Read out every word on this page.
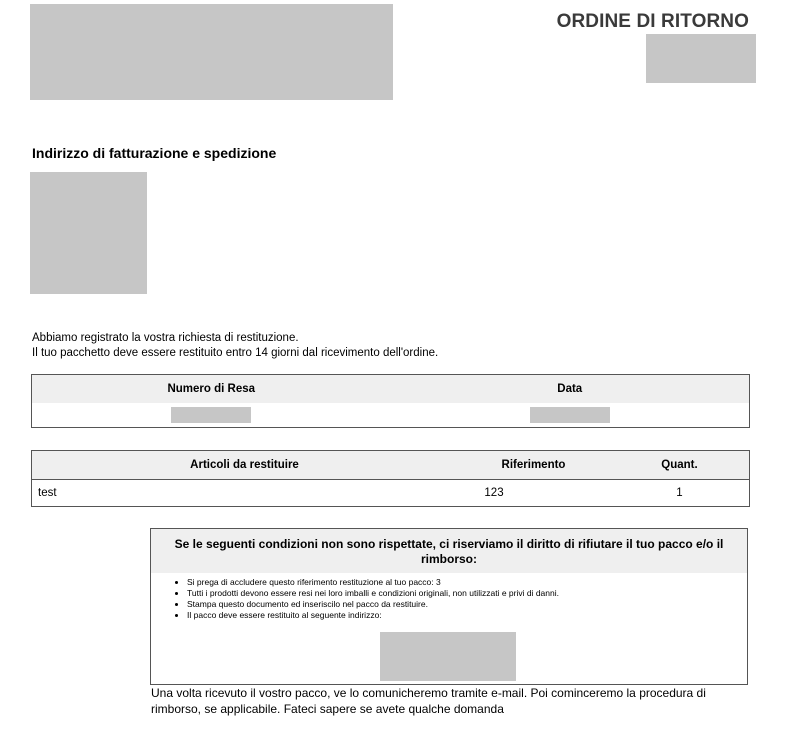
ORDINE DI RITORNO
Indirizzo di fatturazione e spedizione
Abbiamo registrato la vostra richiesta di restituzione.
Il tuo pacchetto deve essere restituito entro 14 giorni dal ricevimento dell'ordine.
Numero di Resa	Data

Articoli da restituire	Riferimento	Quant.
test	123	1
Se le seguenti condizioni non sono rispettate, ci riserviamo il diritto di rifiutare il tuo pacco e/o il rimborso:
• Si prega di accludere questo riferimento restituzione al tuo pacco: 3
• Tutti i prodotti devono essere resi nei loro imballi e condizioni originali, non utilizzati e privi di danni.
• Stampa questo documento ed inseriscilo nel pacco da restituire.
• Il pacco deve essere restituito al seguente indirizzo:
Una volta ricevuto il vostro pacco, ve lo comunicheremo tramite e-mail. Poi cominceremo la procedura di rimborso, se applicabile. Fateci sapere se avete qualche domanda
